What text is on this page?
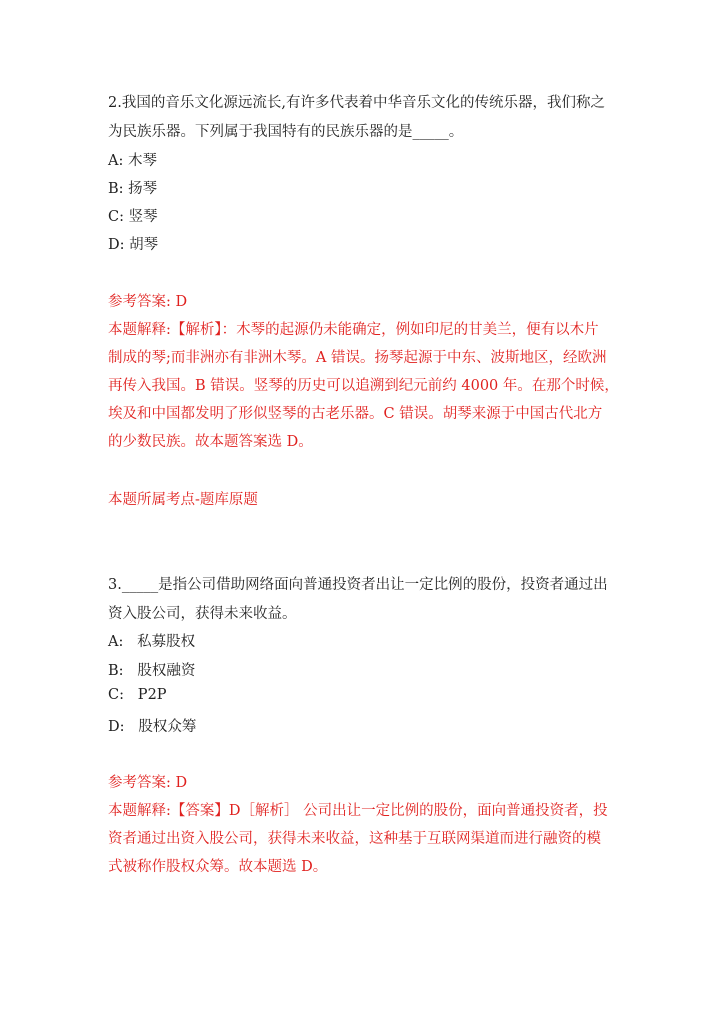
2.我国的音乐文化源远流长,有许多代表着中华音乐文化的传统乐器，我们称之
为民族乐器。下列属于我国特有的民族乐器的是_____。
A: 木琴
B: 扬琴
C: 竖琴
D: 胡琴
参考答案: D
本题解释:【解析】：木琴的起源仍未能确定，例如印尼的甘美兰，便有以木片
制成的琴;而非洲亦有非洲木琴。A 错误。扬琴起源于中东、波斯地区，经欧洲
再传入我国。B 错误。竖琴的历史可以追溯到纪元前约 4000 年。在那个时候，
埃及和中国都发明了形似竖琴的古老乐器。C 错误。胡琴来源于中国古代北方
的少数民族。故本题答案选 D。
本题所属考点-题库原题
3._____是指公司借助网络面向普通投资者出让一定比例的股份，投资者通过出
资入股公司，获得未来收益。
A:   私募股权
B:   股权融资
C:   P2P
D:   股权众筹
参考答案: D
本题解释:【答案】D［解析］ 公司出让一定比例的股份，面向普通投资者，投
资者通过出资入股公司，获得未来收益，这种基于互联网渠道而进行融资的模
式被称作股权众筹。故本题选 D。
